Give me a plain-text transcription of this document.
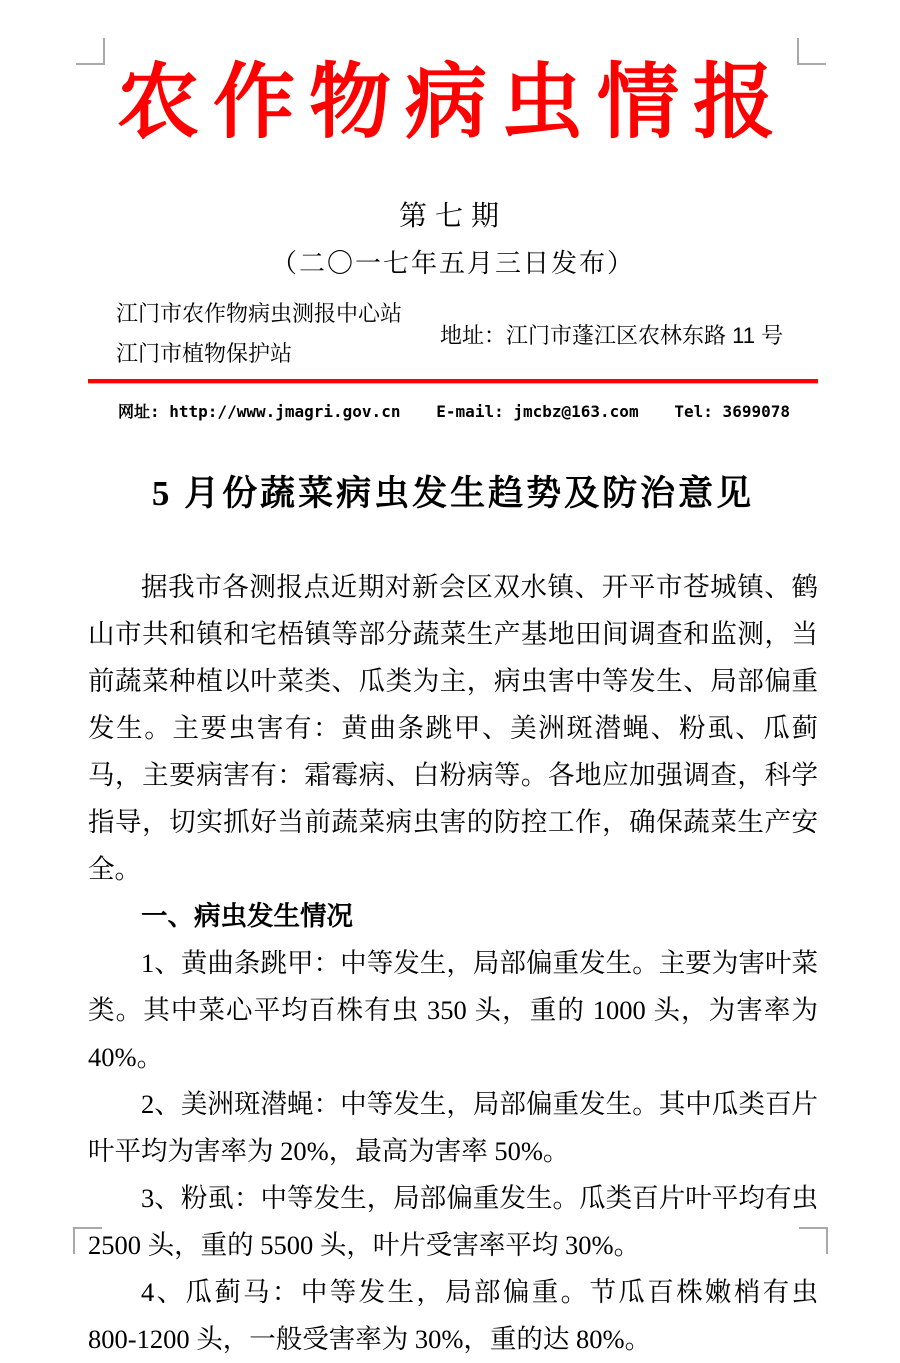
农作物病虫情报
第七期
（二〇一七年五月三日发布）
江门市农作物病虫测报中心站
江门市植物保护站
地址：江门市蓬江区农林东路 11 号
网址: http://www.jmagri.gov.cn E-mail: jmcbz@163.com Tel: 3699078
5 月份蔬菜病虫发生趋势及防治意见

据我市各测报点近期对新会区双水镇、开平市苍城镇、鹤山市共和镇和宅梧镇等部分蔬菜生产基地田间调查和监测，当前蔬菜种植以叶菜类、瓜类为主，病虫害中等发生、局部偏重发生。主要虫害有：黄曲条跳甲、美洲斑潜蝇、粉虱、瓜蓟马，主要病害有：霜霉病、白粉病等。各地应加强调查，科学指导，切实抓好当前蔬菜病虫害的防控工作，确保蔬菜生产安全。

一、病虫发生情况

1、黄曲条跳甲：中等发生，局部偏重发生。主要为害叶菜类。其中菜心平均百株有虫 350 头，重的 1000 头，为害率为 40%。

2、美洲斑潜蝇：中等发生，局部偏重发生。其中瓜类百片叶平均为害率为 20%，最高为害率 50%。

3、粉虱：中等发生，局部偏重发生。瓜类百片叶平均有虫 2500 头，重的 5500 头，叶片受害率平均 30%。

4、瓜蓟马：中等发生，局部偏重。节瓜百株嫩梢有虫 800-1200 头，一般受害率为 30%，重的达 80%。
